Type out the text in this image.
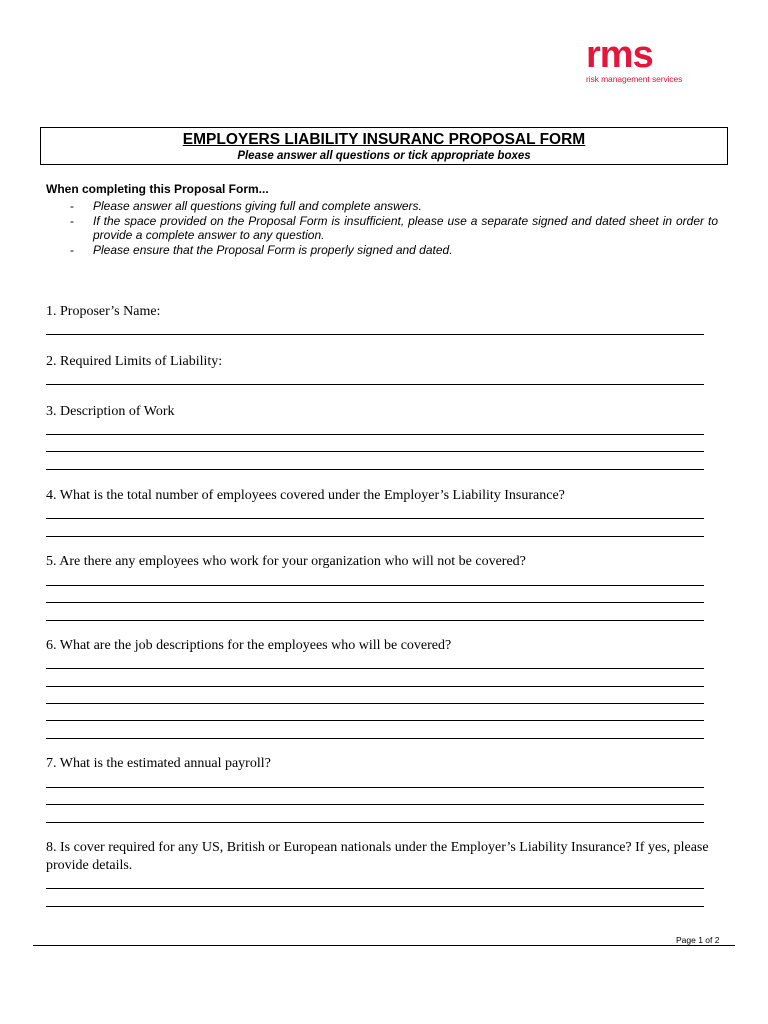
rms
risk management services
EMPLOYERS LIABILITY INSURANC PROPOSAL FORM
Please answer all questions or tick appropriate boxes
When completing this Proposal Form...
- Please answer all questions giving full and complete answers.
- If the space provided on the Proposal Form is insufficient, please use a separate signed and dated sheet in order to provide a complete answer to any question.
- Please ensure that the Proposal Form is properly signed and dated.
1. Proposer’s Name:
2. Required Limits of Liability:
3. Description of Work
4. What is the total number of employees covered under the Employer’s Liability Insurance?
5. Are there any employees who work for your organization who will not be covered?
6. What are the job descriptions for the employees who will be covered?
7. What is the estimated annual payroll?
8. Is cover required for any US, British or European nationals under the Employer’s Liability Insurance? If yes, please provide details.
Page 1 of 2
